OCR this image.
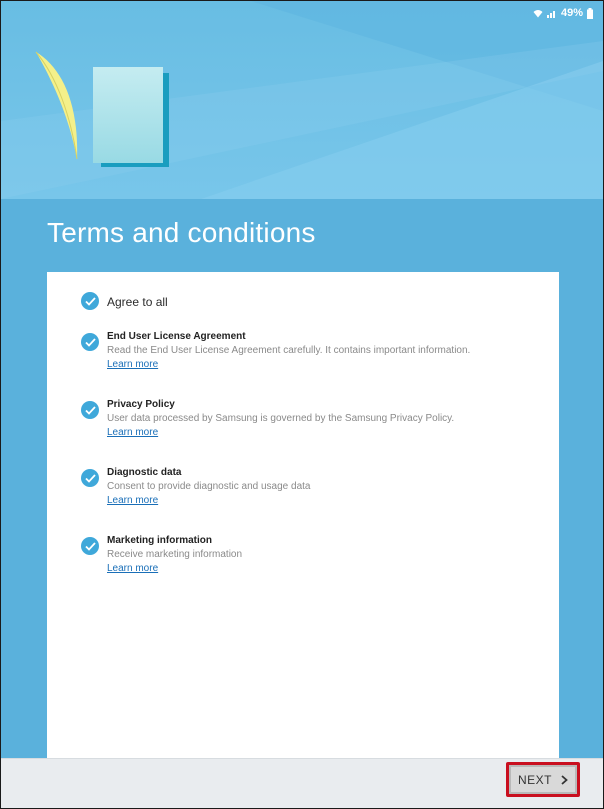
49%
Terms and conditions
Agree to all
End User License Agreement
Read the End User License Agreement carefully. It contains important information.
Learn more
Privacy Policy
User data processed by Samsung is governed by the Samsung Privacy Policy.
Learn more
Diagnostic data
Consent to provide diagnostic and usage data
Learn more
Marketing information
Receive marketing information
Learn more
NEXT
